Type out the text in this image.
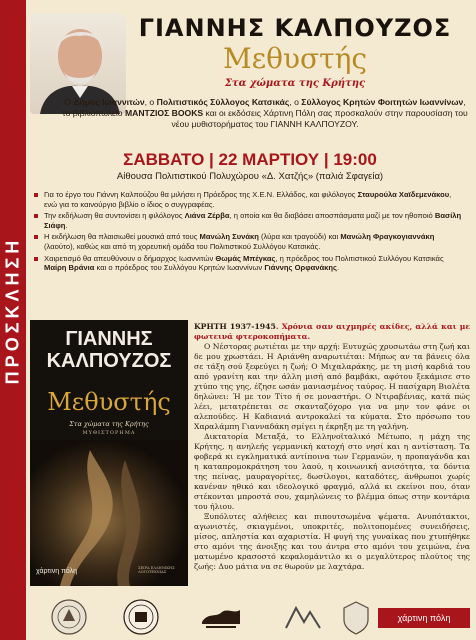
ΠΡΟΣΚΛΗΣΗ
ΓΙΑΝΝΗΣ ΚΑΛΠΟΥΖΟΣ
Μεθυστής
Στα χώματα της Κρήτης
Ο Δήμος Ιωαννιτών, ο Πολιτιστικός Σύλλογος Κατσικάς, ο Σύλλογος Κρητών Φοιτητών Ιωαννίνων, το βιβλιοπωλείο ΜΑΝΤΖΙΟΣ BOOKS και οι εκδόσεις Χάρτινη Πόλη σας προσκαλούν στην παρουσίαση του νέου μυθιστορήματος του ΓΙΑΝΝΗ ΚΑΛΠΟΥΖΟΥ.
ΣΑΒΒΑΤΟ | 22 ΜΑΡΤΙΟΥ | 19:00
Αίθουσα Πολιτιστικού Πολυχώρου «Δ. Χατζής» (παλιά Σφαγεία)
Για το έργο του Γιάννη Καλπούζου θα μιλήσει η Πρόεδρος της Χ.Ε.Ν. Ελλάδος, και φιλόλογος Σταυρούλα Χαϊδεμενάκου, ενώ για το καινούργιο βιβλίο ο ίδιος ο συγγραφέας.
Την εκδήλωση θα συντονίσει η φιλόλογος Λιάνα Ζέρβα, η οποία και θα διαβάσει αποσπάσματα μαζί με τον ηθοποιό Βασίλη Σιάφη.
Η εκδήλωση θα πλαισιωθεί μουσικά από τους Μανώλη Συνάκη (λύρα και τραγούδι) και Μανώλη Φραγκογιαννάκη (λαούτο), καθώς και από τη χορευτική ομάδα του Πολιτιστικού Συλλόγου Κατσικάς.
Χαιρετισμό θα απευθύνουν ο δήμαρχος Ιωαννιτών Θωμάς Μπέγκας, η πρόεδρος του Πολιτιστικού Συλλόγου Κατσικάς Μαίρη Βράνια και ο πρόεδρος του Συλλόγου Κρητών Ιωαννίνων Γιάννης Ορφανάκης.
ΓΙΑΝΝΗΣ
ΚΑΛΠΟΥΖΟΣ
Μεθυστής
Στα χώματα της Κρήτης
ΜΥΘΙΣΤΟΡΗΜΑ
χάρτινη πόλη	ΣΕΙΡΑ ΕΛΛΗΝΙΚΗΣ ΛΟΓΟΤΕΧΝΙΑΣ

ΚΡΗΤΗ 1937-1945. Χρόνια σαν αιχμηρές ακίδες, αλλά και με φωτεινά φτεροκοπήματα.

Ο Νέστορας ρωτιέται με την αρχή: Ευτυχώς χρυσωτάω στη ζωή και δε μου χρωστάει. Η Αριάνθη αναρωτιέται: Μήπως αν τα βάνεις όλα σε τάξη σού ξεφεύγει η ζωή; Ο Μιχαλαράκης, με τη μισή καρδιά του από γρανίτη και την άλλη μισή από βαμβάκι, αφότου ξεκάμισε στο χτύπο της γης, έζησε ωσάν μανιασμένος ταύρος. Η πασίχαρη Βιολέτα δηλώνει: Ή με τον Τίτο ή σε μοναστήρι. Ο Ντιραβένιας, κατά πώς λέει, μετατρέπεται σε σκανταζόχορο για να μην τον φάνε οι αλεπούδες. Η Καδιανιά αντροκαλεί τα κύματα. Στο πρόσωπο του Χαραλάμπη Γιανναδάκη σμίγει η έκρηξη με τη γαλήνη.

Δικτατορία Μεταξά, το Ελληνοϊταλικό Μέτωπο, η μάχη της Κρήτης, η ανηλεής γερμανική κατοχή στο νησί και η αντίσταση. Τα φοβερά κι εγκληματικά αντίποινα των Γερμανών, η προπαγάνδα και η καταπρομοκράτηση του λαού, η κοινωνική ανισότητα, τα δόντια της πείνας, μαυραγορίτες, δωσίλογοι, καταδότες, άνθρωποι χωρίς κανέναν ηθικό και ιδεολογικό φραγμό, αλλά κι εκείνοι που, όταν στέκονται μπροστά σου, χαμηλώνεις το βλέμμα όπως στην κοντάρια του ήλιου.

Ξυπόλυτες αλήθειες και πιπουτσωμένα ψέματα. Ανυπότακτοι, αγωνιστές, σκιαγμένοι, υποκριτές, πολιτοπομένες συνειδήσεις, μίσος, απληστία και αχαριστία. Η φυγή της γυναίκας που χτυπήθηκε στο αμόνι της άνοιξης και του άντρα στο αμόνι του χειμώνα, ένα ματωμένο κρασοστό κεφαλομάντιλο κι ο μεγαλύτερος πλούτος της ζωής: Δυο μάτια να σε θωρούν με λαχτάρα.

χάρτινη πόλη
